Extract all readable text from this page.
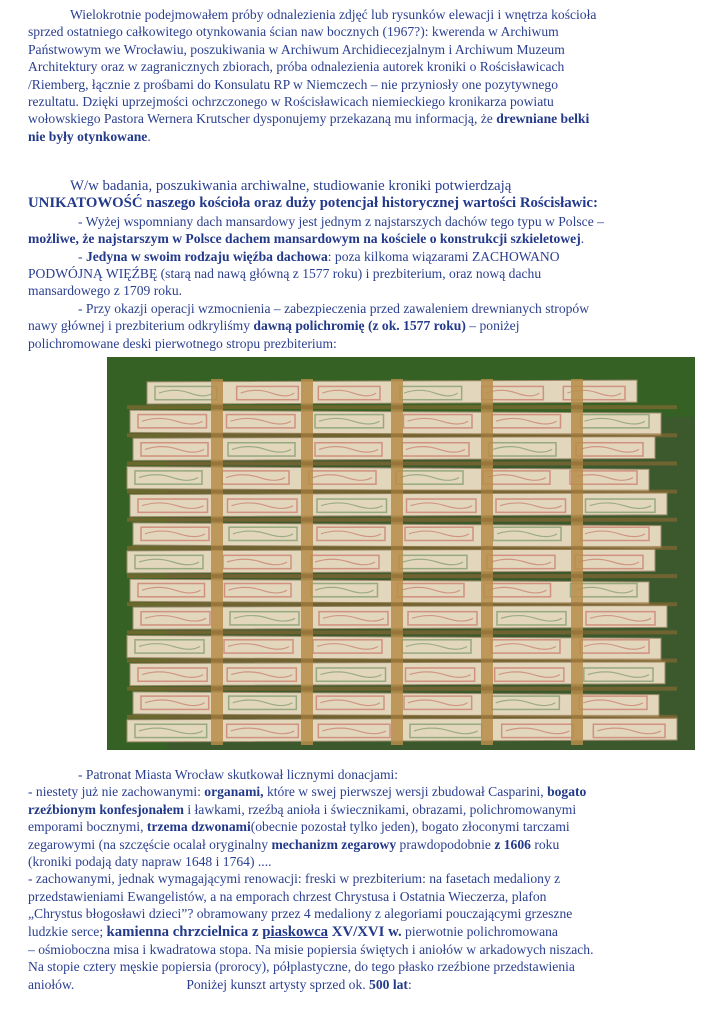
Wielokrotnie podejmowałem próby odnalezienia zdjęć lub rysunków elewacji i wnętrza kościoła

sprzed ostatniego całkowitego otynkowania ścian naw bocznych (1967?): kwerenda w Archiwum

Państwowym we Wrocławiu, poszukiwania w Archiwum Archidiecezjalnym i Archiwum Muzeum

Architektury oraz w zagranicznych zbiorach, próba odnalezienia autorek kroniki o Rościsławicach

/Riemberg, łącznie z prośbami do Konsulatu RP w Niemczech – nie przyniosły one pozytywnego

rezultatu. Dzięki uprzejmości ochrzczonego w Rościsławicach niemieckiego kronikarza powiatu

wołowskiego Pastora Wernera Krutscher dysponujemy przekazaną mu informacją, że drewniane belki

nie były otynkowane.

W/w badania, poszukiwania archiwalne, studiowanie kroniki potwierdzają

UNIKATOWOŚĆ naszego kościoła oraz duży potencjał historycznej wartości Rościsławic:

- Wyżej wspomniany dach mansardowy jest jednym z najstarszych dachów tego typu w Polsce –

możliwe, że najstarszym w Polsce dachem mansardowym na kościele o konstrukcji szkieletowej.

- Jedyna w swoim rodzaju więźba dachowa: poza kilkoma wiązarami ZACHOWANO

PODWÓJNĄ WIĘŹBĘ (starą nad nawą główną z 1577 roku) i prezbiterium, oraz nową dachu

mansardowego z 1709 roku.

- Przy okazji operacji wzmocnienia – zabezpieczenia przed zawaleniem drewnianych stropów

nawy głównej i prezbiterium odkryliśmy dawną polichromię (z ok. 1577 roku) – poniżej

polichromowane deski pierwotnego stropu prezbiterium:

- Patronat Miasta Wrocław skutkował licznymi donacjami:

- niestety już nie zachowanymi: organami, które w swej pierwszej wersji zbudował Casparini, bogato

rzeźbionym konfesjonałem i ławkami, rzeźbą anioła i świecznikami, obrazami, polichromowanymi

emporami bocznymi, trzema dzwonami(obecnie pozostał tylko jeden), bogato złoconymi tarczami

zegarowymi (na szczęście ocalał oryginalny mechanizm zegarowy prawdopodobnie z 1606 roku

(kroniki podają daty napraw 1648 i 1764) ....

- zachowanymi, jednak wymagającymi renowacji: freski w prezbiterium: na fasetach medaliony z

przedstawieniami Ewangelistów, a na emporach chrzest Chrystusa i Ostatnia Wieczerza, plafon

„Chrystus błogosławi dzieci”? obramowany przez 4 medaliony z alegoriami pouczającymi grzeszne

ludzkie serce; kamienna chrzcielnica z piaskowca XV/XVI w. pierwotnie polichromowana

– ośmioboczna misa i kwadratowa stopa. Na misie popiersia świętych i aniołów w arkadowych niszach.

Na stopie cztery męskie popiersia (prorocy), półplastyczne, do tego płasko rzeźbione przedstawienia

aniołów.	Poniżej kunszt artysty sprzed ok. 500 lat:
